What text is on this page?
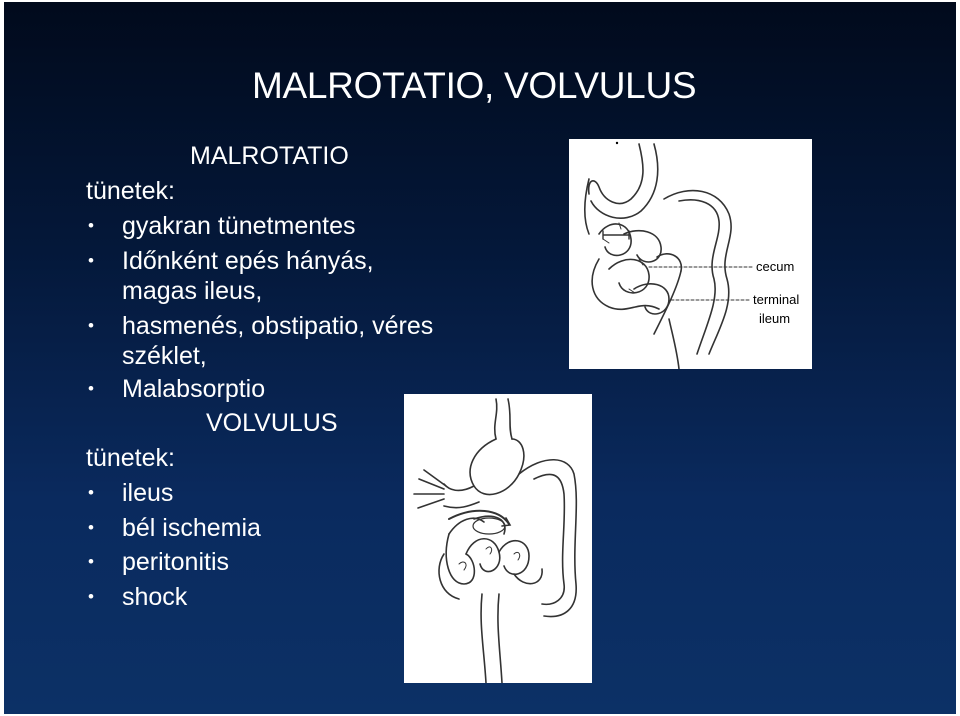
MALROTATIO, VOLVULUS
MALROTATIO
tünetek:
• gyakran tünetmentes
• Időnként epés hányás,
magas ileus,
• hasmenés, obstipatio, véres
széklet,
• Malabsorptio
VOLVULUS
tünetek:
• ileus
• bél ischemia
• peritonitis
• shock
cecum
terminal
ileum
